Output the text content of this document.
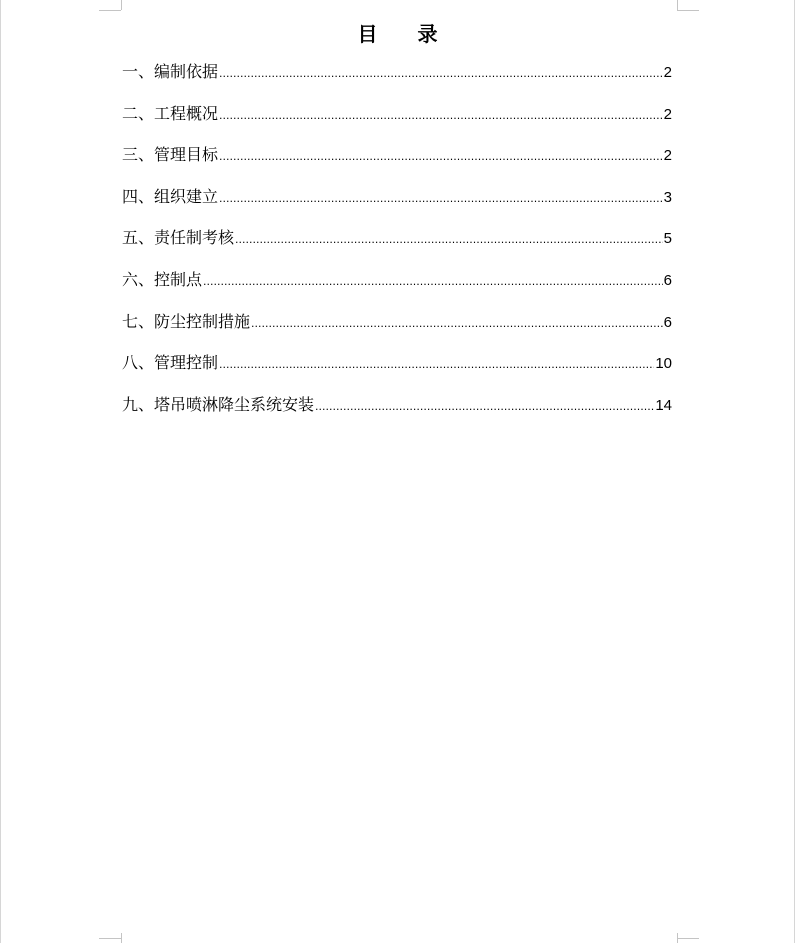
目 录
一、编制依据 .....	2
二、工程概况 .....	2
三、管理目标 .....	2
四、组织建立 .....	3
五、责任制考核 .....	5
六、控制点 .....	6
七、防尘控制措施 .....	6
八、管理控制 .....	10
九、塔吊喷淋降尘系统安装 .....	14
